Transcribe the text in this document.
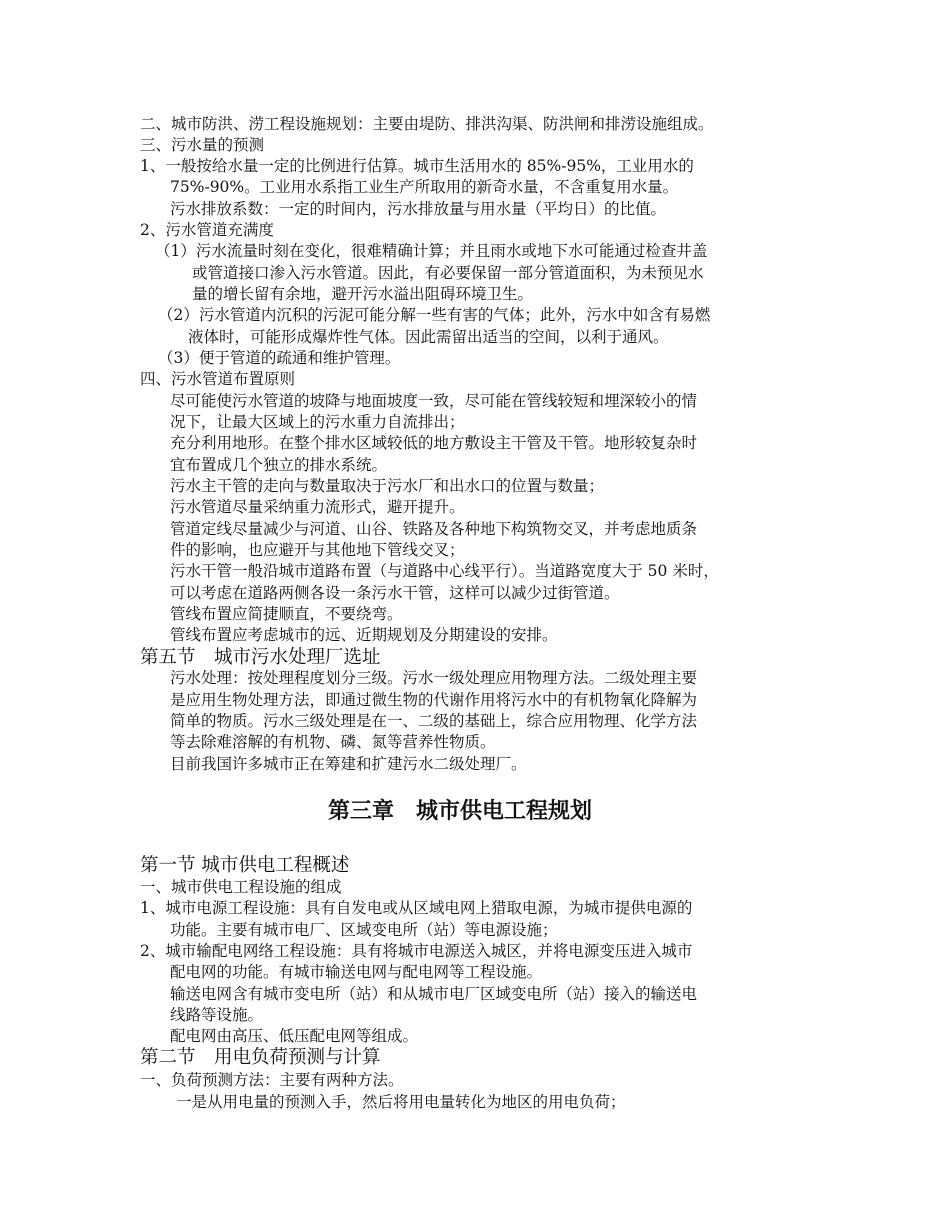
二、城市防洪、涝工程设施规划：主要由堤防、排洪沟渠、防洪闸和排涝设施组成。
三、污水量的预测
1、一般按给水量一定的比例进行估算。城市生活用水的 85%-95%，工业用水的
75%-90%。工业用水系指工业生产所取用的新奇水量，不含重复用水量。
污水排放系数：一定的时间内，污水排放量与用水量（平均日）的比值。
2、污水管道充满度
（1）污水流量时刻在变化，很难精确计算；并且雨水或地下水可能通过检查井盖
或管道接口渗入污水管道。因此，有必要保留一部分管道面积，为未预见水
量的增长留有余地，避开污水溢出阻碍环境卫生。
（2）污水管道内沉积的污泥可能分解一些有害的气体；此外，污水中如含有易燃
液体时，可能形成爆炸性气体。因此需留出适当的空间，以利于通风。
（3）便于管道的疏通和维护管理。
四、污水管道布置原则
尽可能使污水管道的坡降与地面坡度一致，尽可能在管线较短和埋深较小的情
况下，让最大区域上的污水重力自流排出；
充分利用地形。在整个排水区域较低的地方敷设主干管及干管。地形较复杂时
宜布置成几个独立的排水系统。
污水主干管的走向与数量取决于污水厂和出水口的位置与数量；
污水管道尽量采纳重力流形式，避开提升。
管道定线尽量减少与河道、山谷、铁路及各种地下构筑物交叉，并考虑地质条
件的影响，也应避开与其他地下管线交叉；
污水干管一般沿城市道路布置（与道路中心线平行）。当道路宽度大于 50 米时，
可以考虑在道路两侧各设一条污水干管，这样可以减少过街管道。
管线布置应简捷顺直，不要绕弯。
管线布置应考虑城市的远、近期规划及分期建设的安排。
第五节　城市污水处理厂选址
污水处理：按处理程度划分三级。污水一级处理应用物理方法。二级处理主要
是应用生物处理方法，即通过微生物的代谢作用将污水中的有机物氧化降解为
简单的物质。污水三级处理是在一、二级的基础上，综合应用物理、化学方法
等去除难溶解的有机物、磷、氮等营养性物质。
目前我国许多城市正在筹建和扩建污水二级处理厂。
第三章　城市供电工程规划
第一节 城市供电工程概述
一、城市供电工程设施的组成
1、城市电源工程设施：具有自发电或从区域电网上猎取电源，为城市提供电源的
功能。主要有城市电厂、区域变电所（站）等电源设施；
2、城市输配电网络工程设施：具有将城市电源送入城区，并将电源变压进入城市
配电网的功能。有城市输送电网与配电网等工程设施。
输送电网含有城市变电所（站）和从城市电厂区域变电所（站）接入的输送电
线路等设施。
配电网由高压、低压配电网等组成。
第二节　用电负荷预测与计算
一、负荷预测方法：主要有两种方法。
一是从用电量的预测入手，然后将用电量转化为地区的用电负荷；
